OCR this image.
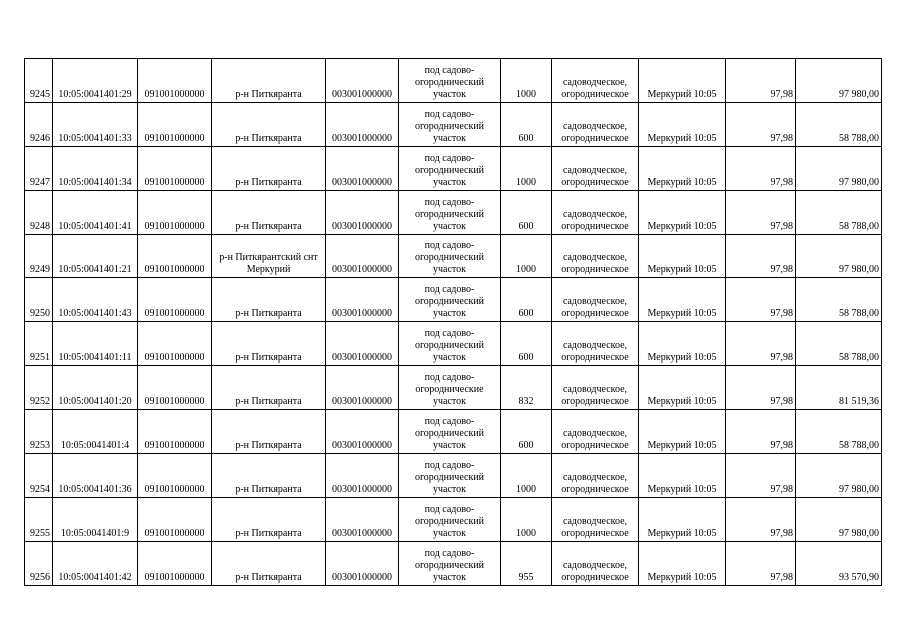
9245	10:05:0041401:29	091001000000	р-н Питкяранта	003001000000	под садово-огороднический участок	1000	садоводческое, огородническое	Меркурий 10:05	97,98	97 980,00
9246	10:05:0041401:33	091001000000	р-н Питкяранта	003001000000	под садово-огороднический участок	600	садоводческое, огородническое	Меркурий 10:05	97,98	58 788,00
9247	10:05:0041401:34	091001000000	р-н Питкяранта	003001000000	под садово-огороднический участок	1000	садоводческое, огородническое	Меркурий 10:05	97,98	97 980,00
9248	10:05:0041401:41	091001000000	р-н Питкяранта	003001000000	под садово-огороднический участок	600	садоводческое, огородническое	Меркурий 10:05	97,98	58 788,00
9249	10:05:0041401:21	091001000000	р-н Питкярантский снт Меркурий	003001000000	под садово-огороднический участок	1000	садоводческое, огородническое	Меркурий 10:05	97,98	97 980,00
9250	10:05:0041401:43	091001000000	р-н Питкяранта	003001000000	под садово-огороднический участок	600	садоводческое, огородническое	Меркурий 10:05	97,98	58 788,00
9251	10:05:0041401:11	091001000000	р-н Питкяранта	003001000000	под садово-огороднический участок	600	садоводческое, огородническое	Меркурий 10:05	97,98	58 788,00
9252	10:05:0041401:20	091001000000	р-н Питкяранта	003001000000	под садово-огороднические участок	832	садоводческое, огородническое	Меркурий 10:05	97,98	81 519,36
9253	10:05:0041401:4	091001000000	р-н Питкяранта	003001000000	под садово-огороднический участок	600	садоводческое, огородническое	Меркурий 10:05	97,98	58 788,00
9254	10:05:0041401:36	091001000000	р-н Питкяранта	003001000000	под садово-огороднический участок	1000	садоводческое, огородническое	Меркурий 10:05	97,98	97 980,00
9255	10:05:0041401:9	091001000000	р-н Питкяранта	003001000000	под садово-огороднический участок	1000	садоводческое, огородническое	Меркурий 10:05	97,98	97 980,00
9256	10:05:0041401:42	091001000000	р-н Питкяранта	003001000000	под садово-огороднический участок	955	садоводческое, огородническое	Меркурий 10:05	97,98	93 570,90
